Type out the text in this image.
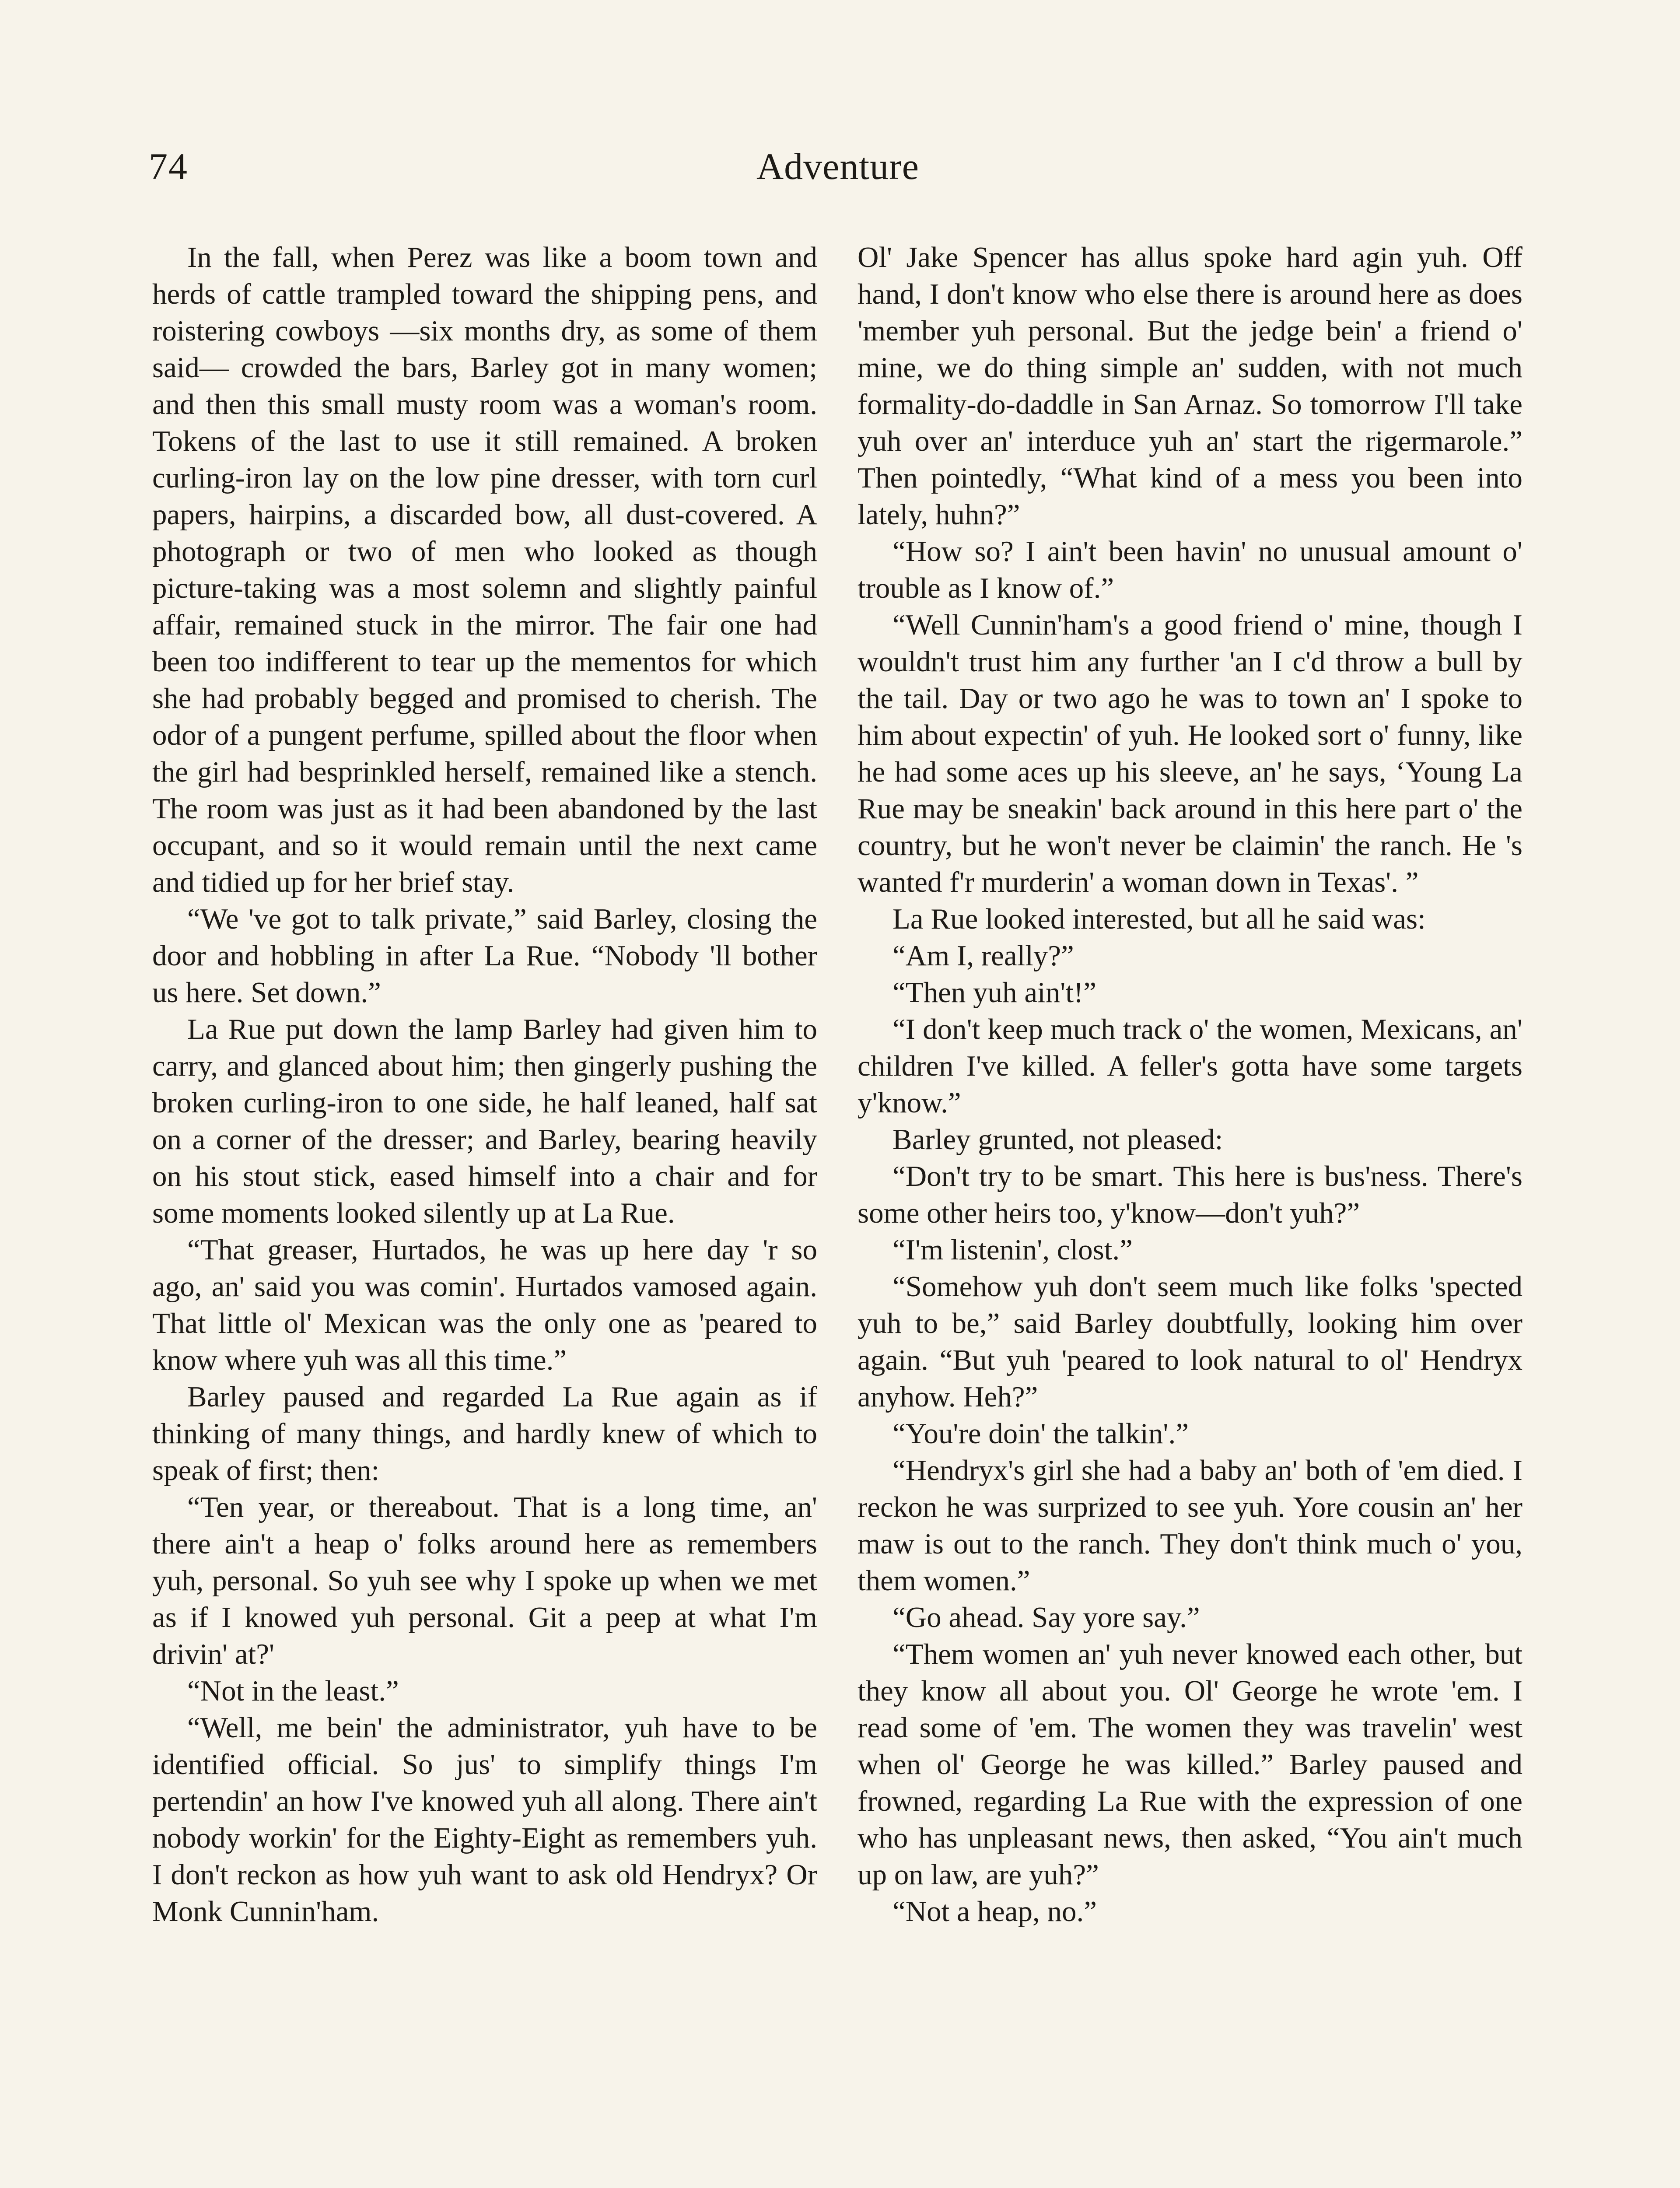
74	Adventure

In the fall, when Perez was like a boom town and herds of cattle trampled toward the shipping pens, and roistering cowboys —six months dry, as some of them said— crowded the bars, Barley got in many women; and then this small musty room was a woman's room. Tokens of the last to use it still remained. A broken curling-iron lay on the low pine dresser, with torn curl papers, hairpins, a discarded bow, all dust-covered. A photograph or two of men who looked as though picture-taking was a most solemn and slightly painful affair, remained stuck in the mirror. The fair one had been too indifferent to tear up the mementos for which she had probably begged and promised to cherish. The odor of a pungent perfume, spilled about the floor when the girl had besprinkled herself, remained like a stench. The room was just as it had been abandoned by the last occupant, and so it would remain until the next came and tidied up for her brief stay.

“We 've got to talk private,” said Barley, closing the door and hobbling in after La Rue. “Nobody 'll bother us here. Set down.”

La Rue put down the lamp Barley had given him to carry, and glanced about him; then gingerly pushing the broken curling-iron to one side, he half leaned, half sat on a corner of the dresser; and Barley, bearing heavily on his stout stick, eased himself into a chair and for some moments looked silently up at La Rue.

“That greaser, Hurtados, he was up here day 'r so ago, an' said you was comin'. Hurtados vamosed again. That little ol' Mexican was the only one as 'peared to know where yuh was all this time.”

Barley paused and regarded La Rue again as if thinking of many things, and hardly knew of which to speak of first; then:

“Ten year, or thereabout. That is a long time, an' there ain't a heap o' folks around here as remembers yuh, personal. So yuh see why I spoke up when we met as if I knowed yuh personal. Git a peep at what I'm drivin' at?'

“Not in the least.”

“Well, me bein' the administrator, yuh have to be identified official. So jus' to simplify things I'm pertendin' an how I've knowed yuh all along. There ain't nobody workin' for the Eighty-Eight as remembers yuh. I don't reckon as how yuh want to ask old Hendryx? Or Monk Cunnin'ham.

Ol' Jake Spencer has allus spoke hard agin yuh. Off hand, I don't know who else there is around here as does 'member yuh personal. But the jedge bein' a friend o' mine, we do thing simple an' sudden, with not much formality-do-daddle in San Arnaz. So tomorrow I'll take yuh over an' interduce yuh an' start the rigermarole.” Then pointedly, “What kind of a mess you been into lately, huhn?”

“How so? I ain't been havin' no unusual amount o' trouble as I know of.”

“Well Cunnin'ham's a good friend o' mine, though I wouldn't trust him any further 'an I c'd throw a bull by the tail. Day or two ago he was to town an' I spoke to him about expectin' of yuh. He looked sort o' funny, like he had some aces up his sleeve, an' he says, ‘Young La Rue may be sneakin' back around in this here part o' the country, but he won't never be claimin' the ranch. He 's wanted f'r murderin' a woman down in Texas'. ”

La Rue looked interested, but all he said was:

“Am I, really?”

“Then yuh ain't!”

“I don't keep much track o' the women, Mexicans, an' children I've killed. A feller's gotta have some targets y'know.”

Barley grunted, not pleased:

“Don't try to be smart. This here is bus'ness. There's some other heirs too, y'know—don't yuh?”

“I'm listenin', clost.”

“Somehow yuh don't seem much like folks 'spected yuh to be,” said Barley doubtfully, looking him over again. “But yuh 'peared to look natural to ol' Hendryx anyhow. Heh?”

“You're doin' the talkin'.”

“Hendryx's girl she had a baby an' both of 'em died. I reckon he was surprized to see yuh. Yore cousin an' her maw is out to the ranch. They don't think much o' you, them women.”

“Go ahead. Say yore say.”

“Them women an' yuh never knowed each other, but they know all about you. Ol' George he wrote 'em. I read some of 'em. The women they was travelin' west when ol' George he was killed.” Barley paused and frowned, regarding La Rue with the expression of one who has unpleasant news, then asked, “You ain't much up on law, are yuh?”

“Not a heap, no.”
